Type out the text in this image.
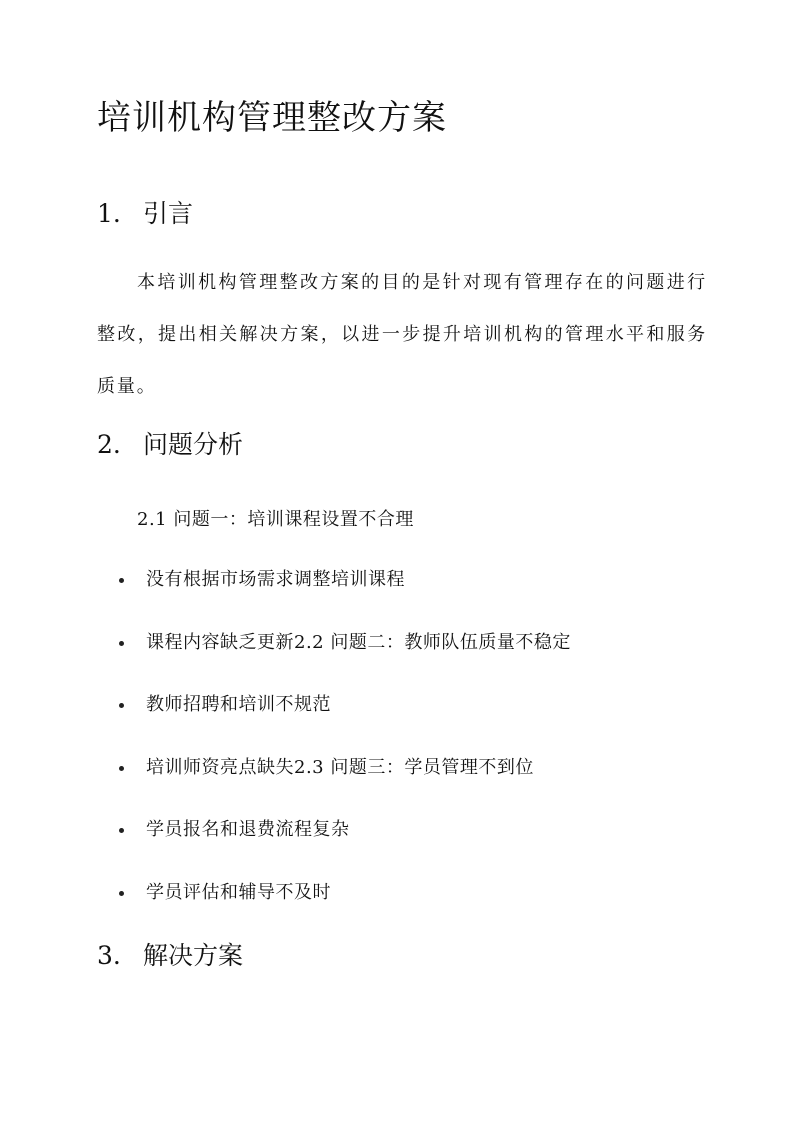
培训机构管理整改方案
1. 引言

本培训机构管理整改方案的目的是针对现有管理存在的问题进行整改，提出相关解决方案，以进一步提升培训机构的管理水平和服务质量。

2. 问题分析

2.1 问题一：培训课程设置不合理

没有根据市场需求调整培训课程
课程内容缺乏更新2.2 问题二：教师队伍质量不稳定
教师招聘和培训不规范
培训师资亮点缺失2.3 问题三：学员管理不到位
学员报名和退费流程复杂
学员评估和辅导不及时
3. 解决方案
